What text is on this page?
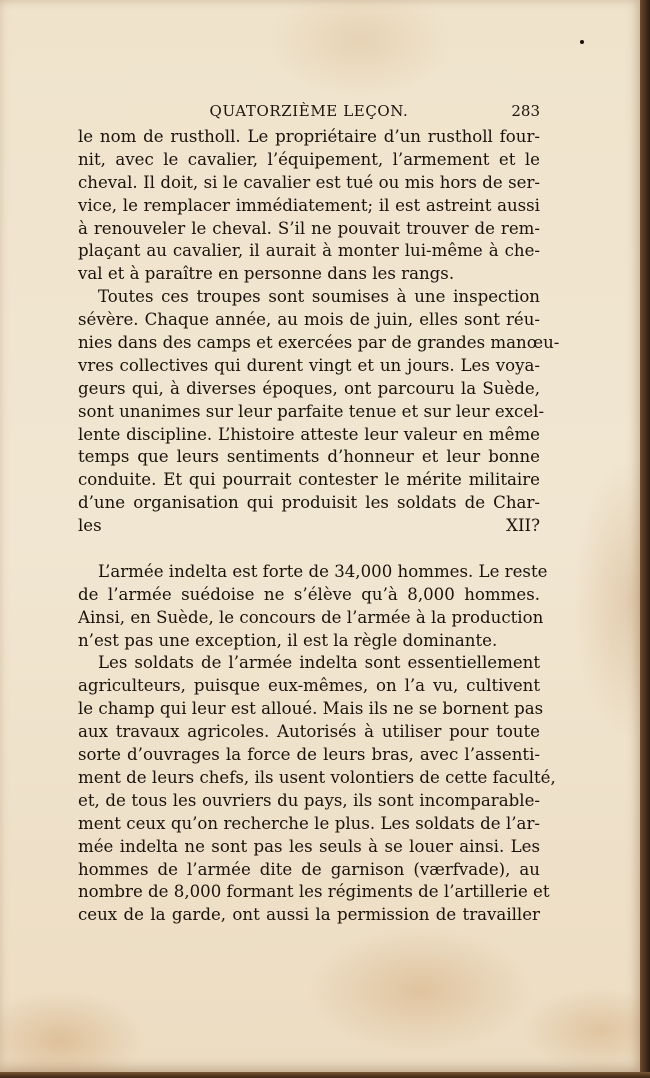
QUATORZIÈME LEÇON.	283
le nom de rustholl. Le propriétaire d’un rustholl four-
nit, avec le cavalier, l’équipement, l’armement et le
cheval. Il doit, si le cavalier est tué ou mis hors de ser-
vice, le remplacer immédiatement; il est astreint aussi
à renouveler le cheval. S’il ne pouvait trouver de rem-
plaçant au cavalier, il aurait à monter lui-même à che-
val et à paraître en personne dans les rangs.
Toutes ces troupes sont soumises à une inspection
sévère. Chaque année, au mois de juin, elles sont réu-
nies dans des camps et exercées par de grandes manœu-
vres collectives qui durent vingt et un jours. Les voya-
geurs qui, à diverses époques, ont parcouru la Suède,
sont unanimes sur leur parfaite tenue et sur leur excel-
lente discipline. L’histoire atteste leur valeur en même
temps que leurs sentiments d’honneur et leur bonne
conduite. Et qui pourrait contester le mérite militaire
d’une organisation qui produisit les soldats de Char-
les XII?
L’armée indelta est forte de 34,000 hommes. Le reste
de l’armée suédoise ne s’élève qu’à 8,000 hommes.
Ainsi, en Suède, le concours de l’armée à la production
n’est pas une exception, il est la règle dominante.
Les soldats de l’armée indelta sont essentiellement
agriculteurs, puisque eux-mêmes, on l’a vu, cultivent
le champ qui leur est alloué. Mais ils ne se bornent pas
aux travaux agricoles. Autorisés à utiliser pour toute
sorte d’ouvrages la force de leurs bras, avec l’assenti-
ment de leurs chefs, ils usent volontiers de cette faculté,
et, de tous les ouvriers du pays, ils sont incomparable-
ment ceux qu’on recherche le plus. Les soldats de l’ar-
mée indelta ne sont pas les seuls à se louer ainsi. Les
hommes de l’armée dite de garnison (værfvade), au
nombre de 8,000 formant les régiments de l’artillerie et
ceux de la garde, ont aussi la permission de travailler
